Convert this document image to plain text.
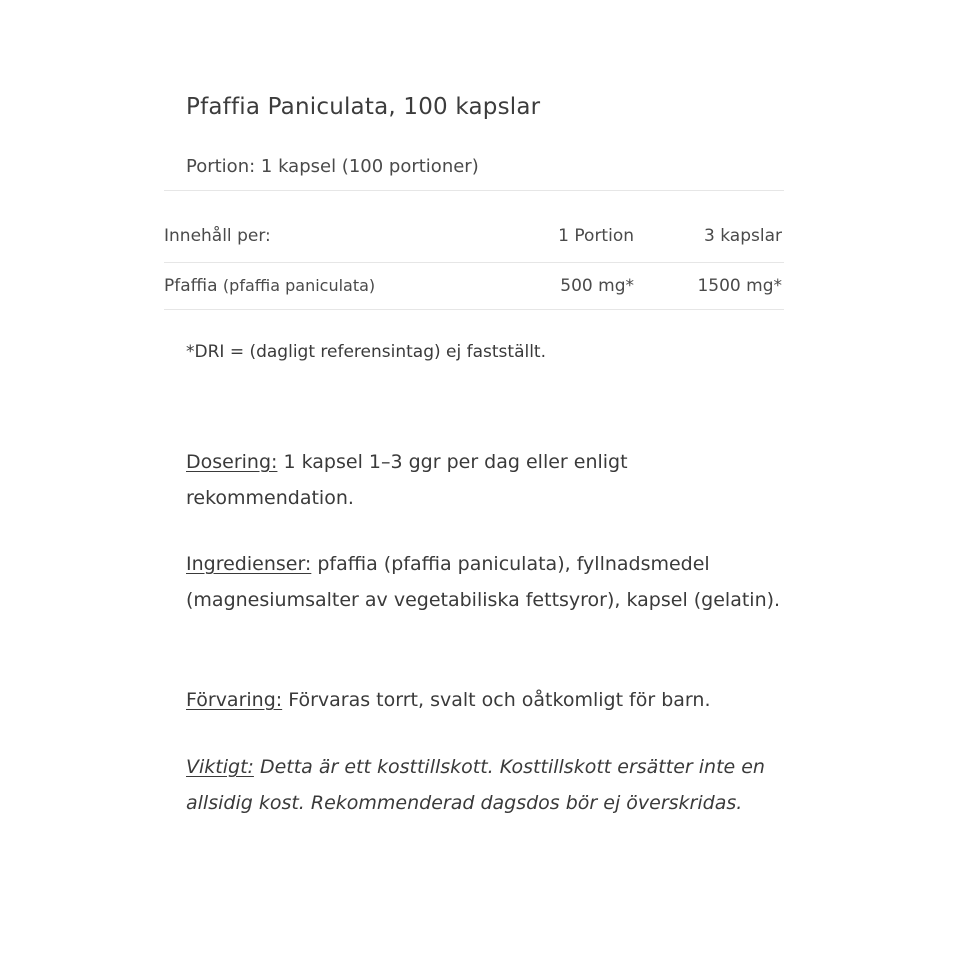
Pfaffia Paniculata, 100 kapslar
Portion: 1 kapsel (100 portioner)
Innehåll per:	1 Portion	3 kapslar
Pfaffia (pfaffia paniculata)	500 mg*	1500 mg*
*DRI = (dagligt referensintag) ej fastställt.
Dosering: 1 kapsel 1–3 ggr per dag eller enligt rekommendation.
Ingredienser: pfaffia (pfaffia paniculata), fyllnadsmedel (magnesiumsalter av vegetabiliska fettsyror), kapsel (gelatin).
Förvaring: Förvaras torrt, svalt och oåtkomligt för barn.
Viktigt: Detta är ett kosttillskott. Kosttillskott ersätter inte en allsidig kost. Rekommenderad dagsdos bör ej överskridas.
